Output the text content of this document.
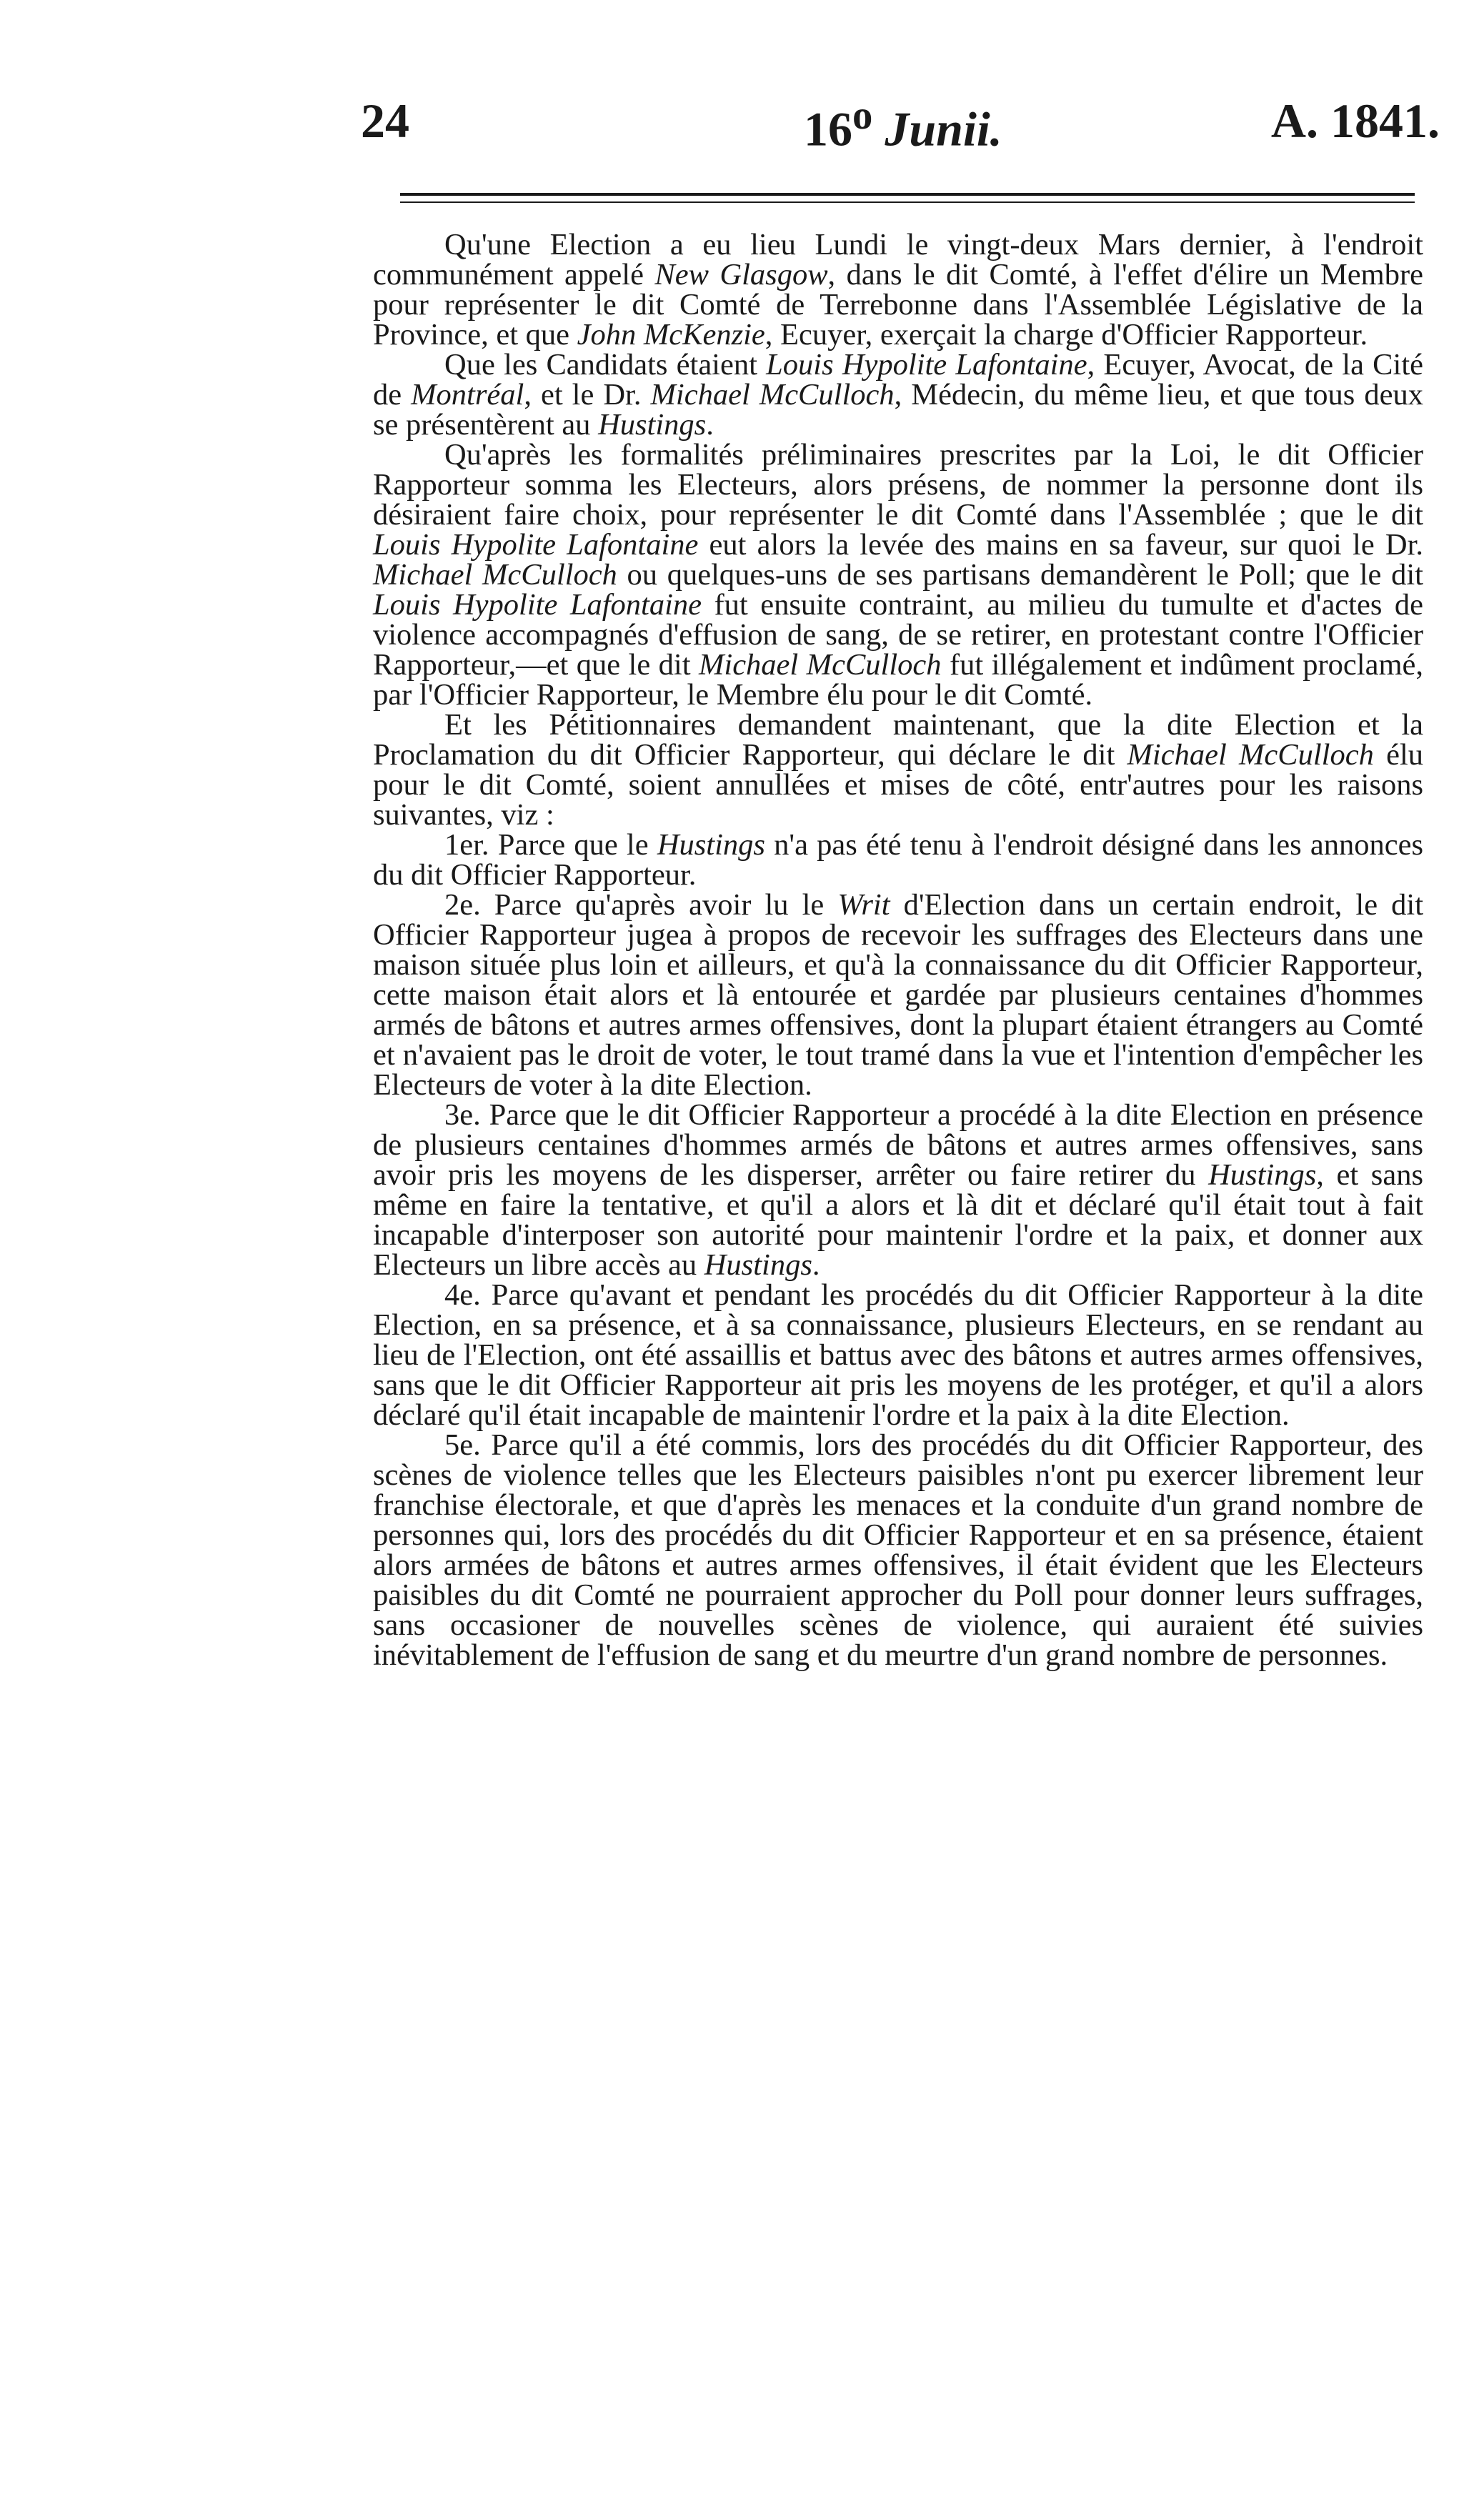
24	16$^o$ Junii.	A. 1841.

Qu'une Election a eu lieu Lundi le vingt-deux Mars dernier, à l'endroit communément appelé New Glasgow, dans le dit Comté, à l'effet d'élire un Membre pour représenter le dit Comté de Terrebonne dans l'Assemblée Législative de la Province, et que John McKenzie, Ecuyer, exerçait la charge d'Officier Rapporteur.

Que les Candidats étaient Louis Hypolite Lafontaine, Ecuyer, Avocat, de la Cité de Montréal, et le Dr. Michael McCulloch, Médecin, du même lieu, et que tous deux se présentèrent au Hustings.

Qu'après les formalités préliminaires prescrites par la Loi, le dit Officier Rapporteur somma les Electeurs, alors présens, de nommer la personne dont ils désiraient faire choix, pour représenter le dit Comté dans l'Assemblée ; que le dit Louis Hypolite Lafontaine eut alors la levée des mains en sa faveur, sur quoi le Dr. Michael McCulloch ou quelques-uns de ses partisans demandèrent le Poll; que le dit Louis Hypolite Lafontaine fut ensuite contraint, au milieu du tumulte et d'actes de violence accompagnés d'effusion de sang, de se retirer, en protestant contre l'Officier Rapporteur,—et que le dit Michael McCulloch fut illégalement et indûment proclamé, par l'Officier Rapporteur, le Membre élu pour le dit Comté.

Et les Pétitionnaires demandent maintenant, que la dite Election et la Proclamation du dit Officier Rapporteur, qui déclare le dit Michael McCulloch élu pour le dit Comté, soient annullées et mises de côté, entr'autres pour les raisons suivantes, viz :

1er. Parce que le Hustings n'a pas été tenu à l'endroit désigné dans les annonces du dit Officier Rapporteur.

2e. Parce qu'après avoir lu le Writ d'Election dans un certain endroit, le dit Officier Rapporteur jugea à propos de recevoir les suffrages des Electeurs dans une maison située plus loin et ailleurs, et qu'à la connaissance du dit Officier Rapporteur, cette maison était alors et là entourée et gardée par plusieurs centaines d'hommes armés de bâtons et autres armes offensives, dont la plupart étaient étrangers au Comté et n'avaient pas le droit de voter, le tout tramé dans la vue et l'intention d'empêcher les Electeurs de voter à la dite Election.

3e. Parce que le dit Officier Rapporteur a procédé à la dite Election en présence de plusieurs centaines d'hommes armés de bâtons et autres armes offensives, sans avoir pris les moyens de les disperser, arrêter ou faire retirer du Hustings, et sans même en faire la tentative, et qu'il a alors et là dit et déclaré qu'il était tout à fait incapable d'interposer son autorité pour maintenir l'ordre et la paix, et donner aux Electeurs un libre accès au Hustings.

4e. Parce qu'avant et pendant les procédés du dit Officier Rapporteur à la dite Election, en sa présence, et à sa connaissance, plusieurs Electeurs, en se rendant au lieu de l'Election, ont été assaillis et battus avec des bâtons et autres armes offensives, sans que le dit Officier Rapporteur ait pris les moyens de les protéger, et qu'il a alors déclaré qu'il était incapable de maintenir l'ordre et la paix à la dite Election.

5e. Parce qu'il a été commis, lors des procédés du dit Officier Rapporteur, des scènes de violence telles que les Electeurs paisibles n'ont pu exercer librement leur franchise électorale, et que d'après les menaces et la conduite d'un grand nombre de personnes qui, lors des procédés du dit Officier Rapporteur et en sa présence, étaient alors armées de bâtons et autres armes offensives, il était évident que les Electeurs paisibles du dit Comté ne pourraient approcher du Poll pour donner leurs suffrages, sans occasioner de nouvelles scènes de violence, qui auraient été suivies inévitablement de l'effusion de sang et du meurtre d'un grand nombre de personnes.
